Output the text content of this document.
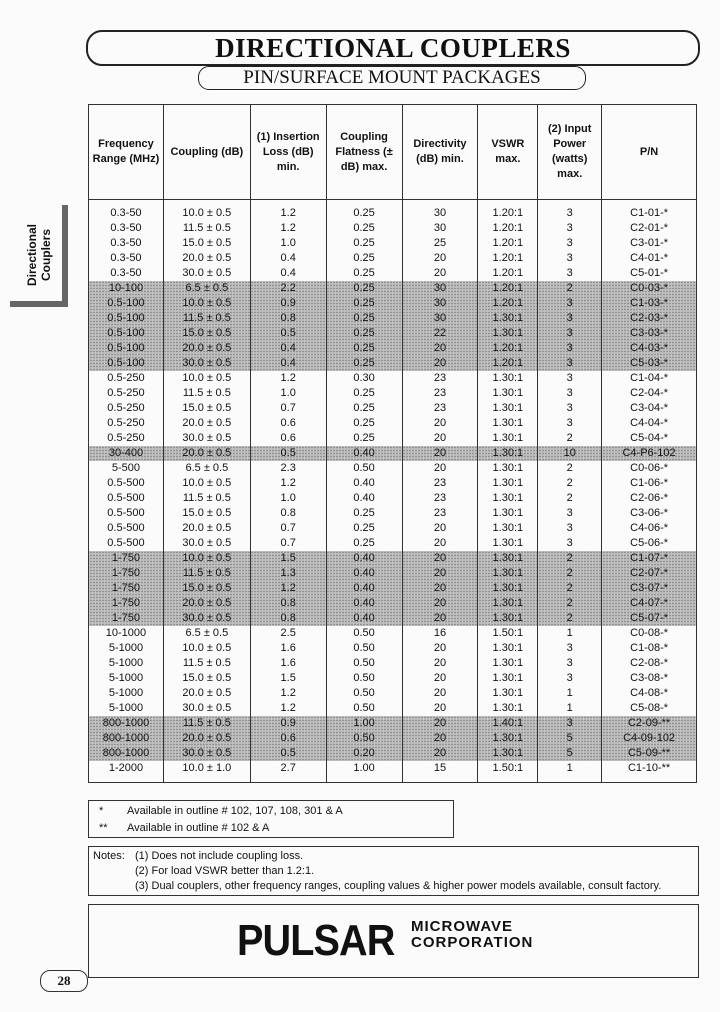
DIRECTIONAL COUPLERS
PIN/SURFACE MOUNT PACKAGES
Directional Couplers
Frequency Range (MHz)	Coupling (dB)	(1) Insertion Loss (dB) min.	Coupling Flatness (± dB) max.	Directivity (dB) min.	VSWR max.	(2) Input Power (watts) max.	P/N
0.3-50	10.0 ± 0.5	1.2	0.25	30	1.20:1	3	C1-01-*
0.3-50	11.5 ± 0.5	1.2	0.25	30	1.20:1	3	C2-01-*
0.3-50	15.0 ± 0.5	1.0	0.25	25	1.20:1	3	C3-01-*
0.3-50	20.0 ± 0.5	0.4	0.25	20	1.20:1	3	C4-01-*
0.3-50	30.0 ± 0.5	0.4	0.25	20	1.20:1	3	C5-01-*
10-100	6.5 ± 0.5	2.2	0.25	30	1.20:1	2	C0-03-*
0.5-100	10.0 ± 0.5	0.9	0.25	30	1.20:1	3	C1-03-*
0.5-100	11.5 ± 0.5	0.8	0.25	30	1.30:1	3	C2-03-*
0.5-100	15.0 ± 0.5	0.5	0.25	22	1.30:1	3	C3-03-*
0.5-100	20.0 ± 0.5	0.4	0.25	20	1.20:1	3	C4-03-*
0.5-100	30.0 ± 0.5	0.4	0.25	20	1.20:1	3	C5-03-*
0.5-250	10.0 ± 0.5	1.2	0.30	23	1.30:1	3	C1-04-*
0.5-250	11.5 ± 0.5	1.0	0.25	23	1.30:1	3	C2-04-*
0.5-250	15.0 ± 0.5	0.7	0.25	23	1.30:1	3	C3-04-*
0.5-250	20.0 ± 0.5	0.6	0.25	20	1.30:1	3	C4-04-*
0.5-250	30.0 ± 0.5	0.6	0.25	20	1.30:1	2	C5-04-*
30-400	20.0 ± 0.5	0.5	0.40	20	1.30:1	10	C4-P6-102
5-500	6.5 ± 0.5	2.3	0.50	20	1.30:1	2	C0-06-*
0.5-500	10.0 ± 0.5	1.2	0.40	23	1.30:1	2	C1-06-*
0.5-500	11.5 ± 0.5	1.0	0.40	23	1.30:1	2	C2-06-*
0.5-500	15.0 ± 0.5	0.8	0.25	23	1.30:1	3	C3-06-*
0.5-500	20.0 ± 0.5	0.7	0.25	20	1.30:1	3	C4-06-*
0.5-500	30.0 ± 0.5	0.7	0.25	20	1.30:1	3	C5-06-*
1-750	10.0 ± 0.5	1.5	0.40	20	1.30:1	2	C1-07-*
1-750	11.5 ± 0.5	1.3	0.40	20	1.30:1	2	C2-07-*
1-750	15.0 ± 0.5	1.2	0.40	20	1.30:1	2	C3-07-*
1-750	20.0 ± 0.5	0.8	0.40	20	1.30:1	2	C4-07-*
1-750	30.0 ± 0.5	0.8	0.40	20	1.30:1	2	C5-07-*
10-1000	6.5 ± 0.5	2.5	0.50	16	1.50:1	1	C0-08-*
5-1000	10.0 ± 0.5	1.6	0.50	20	1.30:1	3	C1-08-*
5-1000	11.5 ± 0.5	1.6	0.50	20	1.30:1	3	C2-08-*
5-1000	15.0 ± 0.5	1.5	0.50	20	1.30:1	3	C3-08-*
5-1000	20.0 ± 0.5	1.2	0.50	20	1.30:1	1	C4-08-*
5-1000	30.0 ± 0.5	1.2	0.50	20	1.30:1	1	C5-08-*
800-1000	11.5 ± 0.5	0.9	1.00	20	1.40:1	3	C2-09-**
800-1000	20.0 ± 0.5	0.6	0.50	20	1.30:1	5	C4-09-102
800-1000	30.0 ± 0.5	0.5	0.20	20	1.30:1	5	C5-09-**
1-2000	10.0 ± 1.0	2.7	1.00	15	1.50:1	1	C1-10-**
*	Available in outline # 102, 107, 108, 301 & A
**	Available in outline # 102 & A
Notes: (1) Does not include coupling loss.
(2) For load VSWR better than 1.2:1.
(3) Dual couplers, other frequency ranges, coupling values & higher power models available, consult factory.
PULSAR MICROWAVE
CORPORATION
28
